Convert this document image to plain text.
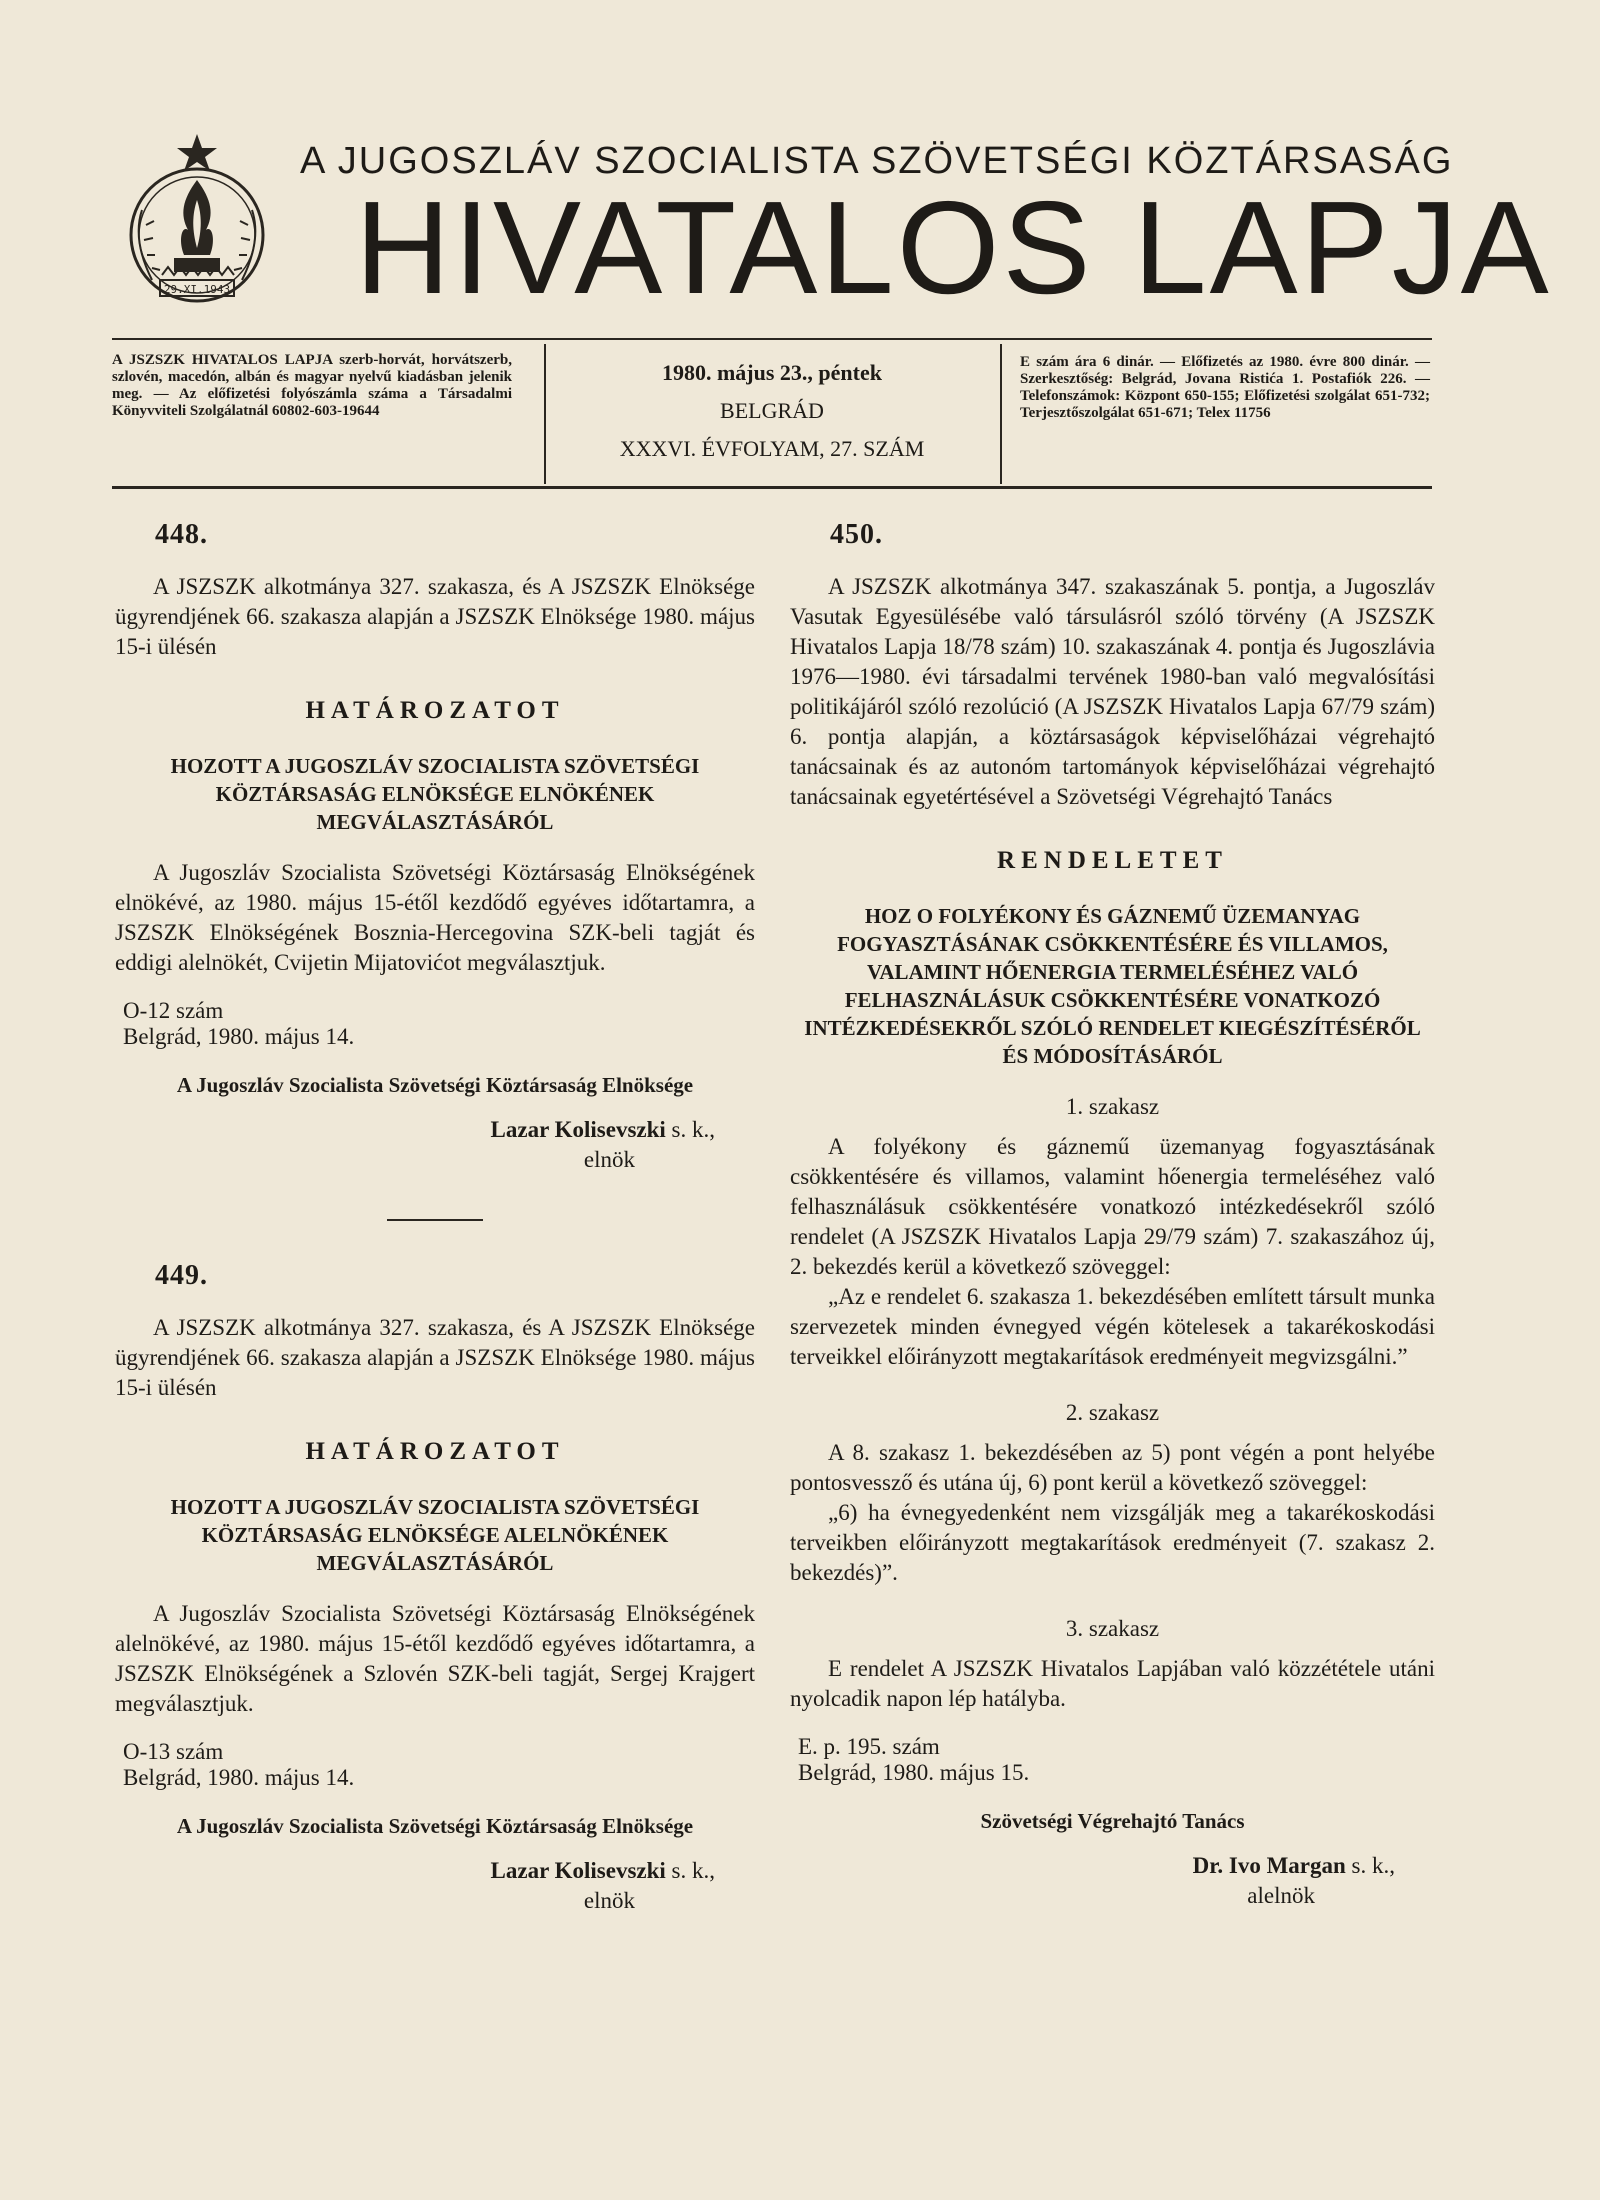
29.XI.1943
A JUGOSZLÁV SZOCIALISTA SZÖVETSÉGI KÖZTÁRSASÁG
HIVATALOS LAPJA
A JSZSZK HIVATALOS LAPJA szerb-horvát, horvátszerb, szlovén, macedón, albán és magyar nyelvű kiadásban jelenik meg. — Az előfizetési folyószámla száma a Társadalmi Könyvviteli Szolgálatnál 60802-603-19644
1980. május 23., péntek
BELGRÁD
XXXVI. ÉVFOLYAM, 27. SZÁM
E szám ára 6 dinár. — Előfizetés az 1980. évre 800 dinár. — Szerkesztőség: Belgrád, Jovana Ristića 1. Postafiók 226. — Telefonszámok: Központ 650-155; Előfizetési szolgálat 651-732; Terjesztőszolgálat 651-671; Telex 11756
448.

A JSZSZK alkotmánya 327. szakasza, és A JSZSZK Elnöksége ügyrendjének 66. szakasza alapján a JSZSZK Elnöksége 1980. május 15-i ülésén

HATÁROZATOT
HOZOTT A JUGOSZLÁV SZOCIALISTA SZÖVETSÉGI KÖZTÁRSASÁG ELNÖKSÉGE ELNÖKÉNEK MEGVÁLASZTÁSÁRÓL

A Jugoszláv Szocialista Szövetségi Köztársaság Elnökségének elnökévé, az 1980. május 15-étől kezdődő egyéves időtartamra, a JSZSZK Elnökségének Bosznia-Hercegovina SZK-beli tagját és eddigi alelnökét, Cvijetin Mijatovićot megválasztjuk.

O-12 szám
Belgrád, 1980. május 14.
A Jugoszláv Szocialista Szövetségi Köztársaság Elnöksége
Lazar Kolisevszki s. k.,
elnök
449.

A JSZSZK alkotmánya 327. szakasza, és A JSZSZK Elnöksége ügyrendjének 66. szakasza alapján a JSZSZK Elnöksége 1980. május 15-i ülésén

HATÁROZATOT
HOZOTT A JUGOSZLÁV SZOCIALISTA SZÖVETSÉGI KÖZTÁRSASÁG ELNÖKSÉGE ALELNÖKÉNEK MEGVÁLASZTÁSÁRÓL

A Jugoszláv Szocialista Szövetségi Köztársaság Elnökségének alelnökévé, az 1980. május 15-étől kezdődő egyéves időtartamra, a JSZSZK Elnökségének a Szlovén SZK-beli tagját, Sergej Krajgert megválasztjuk.

O-13 szám
Belgrád, 1980. május 14.
A Jugoszláv Szocialista Szövetségi Köztársaság Elnöksége
Lazar Kolisevszki s. k.,
elnök
450.

A JSZSZK alkotmánya 347. szakaszának 5. pontja, a Jugoszláv Vasutak Egyesülésébe való társulásról szóló törvény (A JSZSZK Hivatalos Lapja 18/78 szám) 10. szakaszának 4. pontja és Jugoszlávia 1976—1980. évi társadalmi tervének 1980-ban való megvalósítási politikájáról szóló rezolúció (A JSZSZK Hivatalos Lapja 67/79 szám) 6. pontja alapján, a köztársaságok képviselőházai végrehajtó tanácsainak és az autonóm tartományok képviselőházai végrehajtó tanácsainak egyetértésével a Szövetségi Végrehajtó Tanács

RENDELETET
HOZ O FOLYÉKONY ÉS GÁZNEMŰ ÜZEMANYAG FOGYASZTÁSÁNAK CSÖKKENTÉSÉRE ÉS VILLAMOS, VALAMINT HŐENERGIA TERMELÉSÉHEZ VALÓ FELHASZNÁLÁSUK CSÖKKENTÉSÉRE VONATKOZÓ INTÉZKEDÉSEKRŐL SZÓLÓ RENDELET KIEGÉSZÍTÉSÉRŐL ÉS MÓDOSÍTÁSÁRÓL
1. szakasz

A folyékony és gáznemű üzemanyag fogyasztásának csökkentésére és villamos, valamint hőenergia termeléséhez való felhasználásuk csökkentésére vonatkozó intézkedésekről szóló rendelet (A JSZSZK Hivatalos Lapja 29/79 szám) 7. szakaszához új, 2. bekezdés kerül a következő szöveggel:

„Az e rendelet 6. szakasza 1. bekezdésében említett társult munka szervezetek minden évnegyed végén kötelesek a takarékoskodási terveikkel előirányzott megtakarítások eredményeit megvizsgálni.”

2. szakasz

A 8. szakasz 1. bekezdésében az 5) pont végén a pont helyébe pontosvessző és utána új, 6) pont kerül a következő szöveggel:

„6) ha évnegyedenként nem vizsgálják meg a takarékoskodási terveikben előirányzott megtakarítások eredményeit (7. szakasz 2. bekezdés)”.

3. szakasz

E rendelet A JSZSZK Hivatalos Lapjában való közzététele utáni nyolcadik napon lép hatályba.

E. p. 195. szám
Belgrád, 1980. május 15.
Szövetségi Végrehajtó Tanács
Dr. Ivo Margan s. k.,
alelnök
